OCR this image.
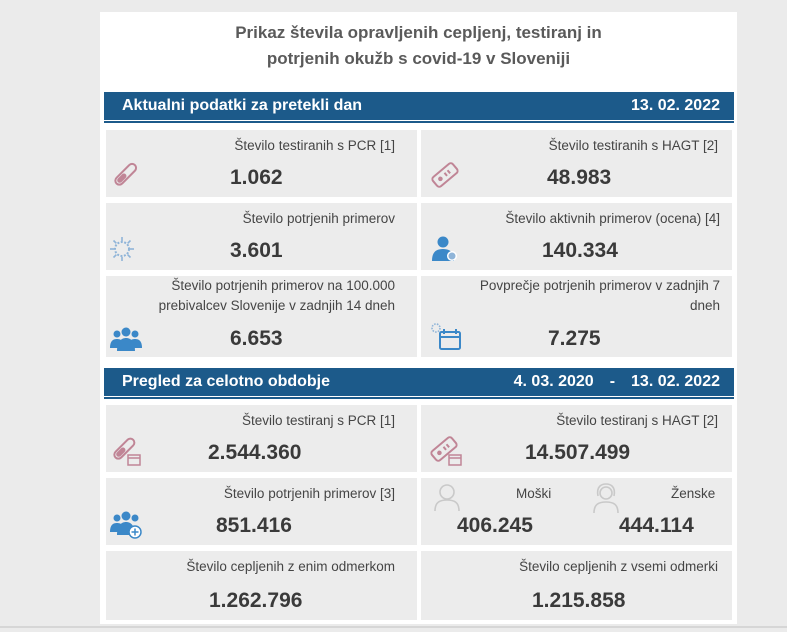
Prikaz števila opravljenih cepljenj, testiranj in
potrjenih okužb s covid-19 v Sloveniji
Aktualni podatki za pretekli dan	13. 02. 2022
Število testiranih s PCR [1]
1.062
Število testiranih s HAGT [2]
48.983
Število potrjenih primerov
3.601
Število aktivnih primerov (ocena) [4]
140.334
Število potrjenih primerov na 100.000
prebivalcev Slovenije v zadnjih 14 dneh
6.653
Povprečje potrjenih primerov v zadnjih 7
dneh
7.275
Pregled za celotno obdobje	4. 03. 2020 - 13. 02. 2022
Število testiranj s PCR [1]
2.544.360
Število testiranj s HAGT [2]
14.507.499
Število potrjenih primerov [3]
851.416
Moški
406.245
Ženske
444.114
Število cepljenih z enim odmerkom
1.262.796
Število cepljenih z vsemi odmerki
1.215.858
